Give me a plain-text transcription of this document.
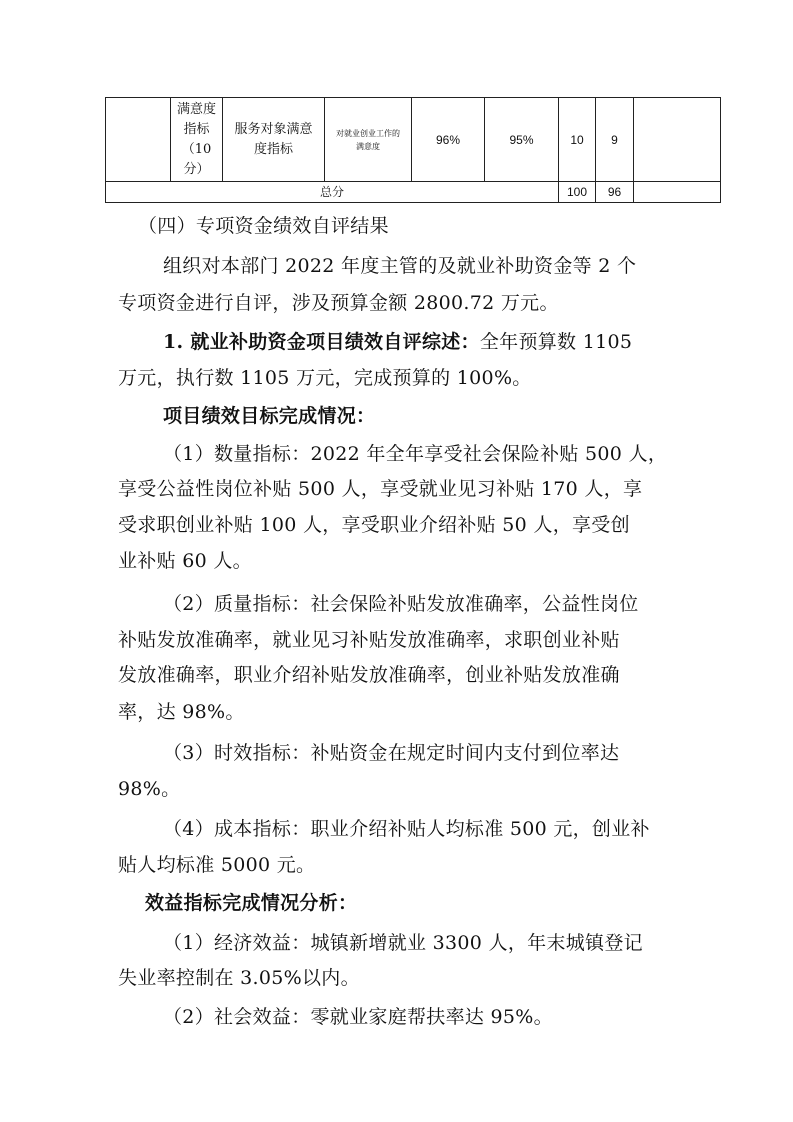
	满意度
指标
（10
分）	服务对象满意
度指标	对就业创业工作的
满意度	96%	95%	10	9	
总分						100	96	
（四）专项资金绩效自评结果
组织对本部门 2022 年度主管的及就业补助资金等 2 个
专项资金进行自评，涉及预算金额 2800.72 万元。
1. 就业补助资金项目绩效自评综述：全年预算数 1105
万元，执行数 1105 万元，完成预算的 100%。
项目绩效目标完成情况：
（1）数量指标：2022 年全年享受社会保险补贴 500 人，
享受公益性岗位补贴 500 人，享受就业见习补贴 170 人，享
受求职创业补贴 100 人，享受职业介绍补贴 50 人，享受创
业补贴 60 人。
（2）质量指标：社会保险补贴发放准确率，公益性岗位
补贴发放准确率，就业见习补贴发放准确率，求职创业补贴
发放准确率，职业介绍补贴发放准确率，创业补贴发放准确
率，达 98%。
（3）时效指标：补贴资金在规定时间内支付到位率达
98%。
（4）成本指标：职业介绍补贴人均标准 500 元，创业补
贴人均标准 5000 元。
效益指标完成情况分析：
（1）经济效益：城镇新增就业 3300 人，年末城镇登记
失业率控制在 3.05%以内。
（2）社会效益：零就业家庭帮扶率达 95%。
